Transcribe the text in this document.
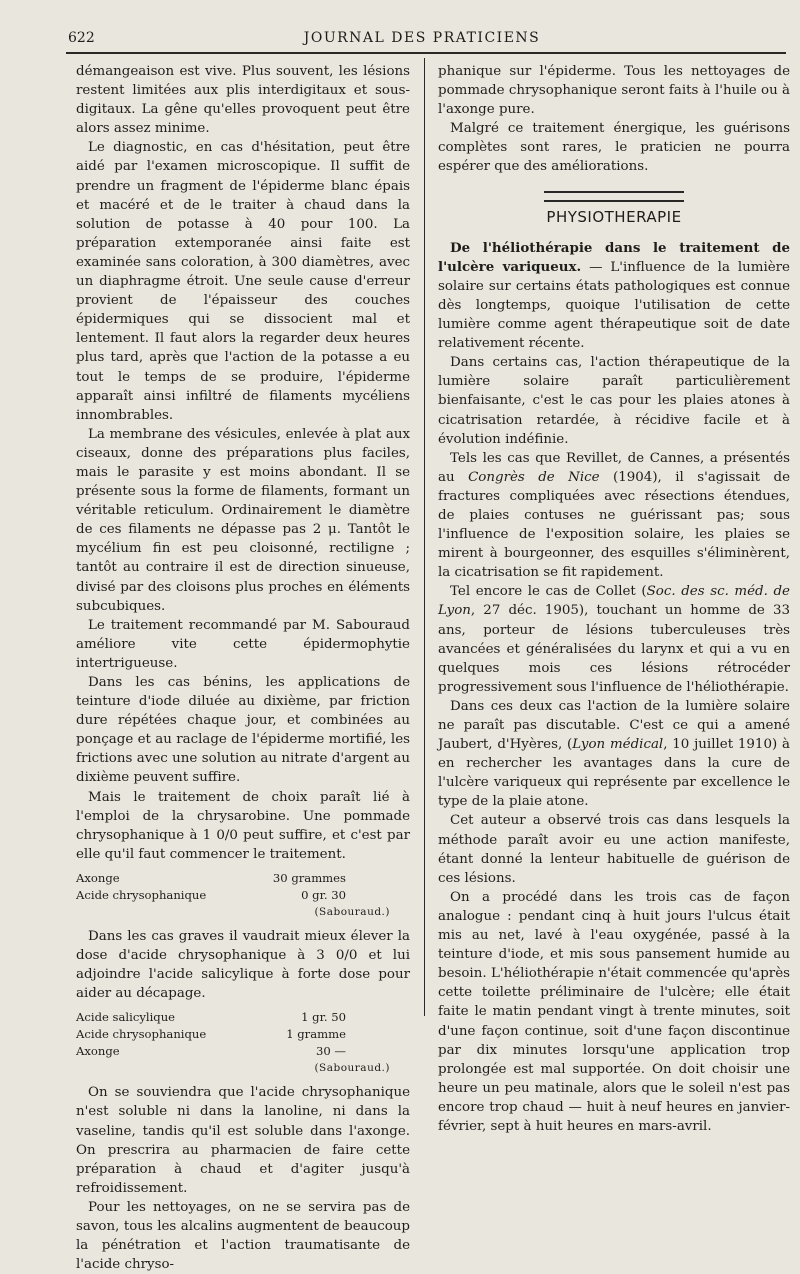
622	JOURNAL DES PRATICIENS

démangeaison est vive. Plus souvent, les lésions restent limitées aux plis interdigitaux et sous-digitaux. La gêne qu'elles provoquent peut être alors assez minime.

Le diagnostic, en cas d'hésitation, peut être aidé par l'examen microscopique. Il suffit de prendre un fragment de l'épiderme blanc épais et macéré et de le traiter à chaud dans la solution de potasse à 40 pour 100. La préparation extemporanée ainsi faite est examinée sans coloration, à 300 diamètres, avec un diaphragme étroit. Une seule cause d'erreur provient de l'épaisseur des couches épidermiques qui se dissocient mal et lentement. Il faut alors la regarder deux heures plus tard, après que l'action de la potasse a eu tout le temps de se produire, l'épiderme apparaît ainsi infiltré de filaments mycéliens innombrables.

La membrane des vésicules, enlevée à plat aux ciseaux, donne des préparations plus faciles, mais le parasite y est moins abondant. Il se présente sous la forme de filaments, formant un véritable reticulum. Ordinairement le diamètre de ces filaments ne dépasse pas 2 μ. Tantôt le mycélium fin est peu cloisonné, rectiligne ; tantôt au contraire il est de direction sinueuse, divisé par des cloisons plus proches en éléments subcubiques.

Le traitement recommandé par M. Sabouraud améliore vite cette épidermophytie intertrigueuse.

Dans les cas bénins, les applications de teinture d'iode diluée au dixième, par friction dure répétées chaque jour, et combinées au ponçage et au raclage de l'épiderme mortifié, les frictions avec une solution au nitrate d'argent au dixième peuvent suffire.

Mais le traitement de choix paraît lié à l'emploi de la chrysarobine. Une pommade chrysophanique à 1 0/0 peut suffire, et c'est par elle qu'il faut commencer le traitement.

Axonge	30 grammes
Acide chrysophanique	0 gr. 30
(Sabouraud.)

Dans les cas graves il vaudrait mieux élever la dose d'acide chrysophanique à 3 0/0 et lui adjoindre l'acide salicylique à forte dose pour aider au décapage.

Acide salicylique	1 gr. 50
Acide chrysophanique	1 gramme
Axonge	30 —
(Sabouraud.)

On se souviendra que l'acide chrysophanique n'est soluble ni dans la lanoline, ni dans la vaseline, tandis qu'il est soluble dans l'axonge. On prescrira au pharmacien de faire cette préparation à chaud et d'agiter jusqu'à refroidissement.

Pour les nettoyages, on ne se servira pas de savon, tous les alcalins augmentent de beaucoup la pénétration et l'action traumatisante de l'acide chryso-

phanique sur l'épiderme. Tous les nettoyages de pommade chrysophanique seront faits à l'huile ou à l'axonge pure.

Malgré ce traitement énergique, les guérisons complètes sont rares, le praticien ne pourra espérer que des améliorations.

PHYSIOTHERAPIE

De l'héliothérapie dans le traitement de l'ulcère variqueux. — L'influence de la lumière solaire sur certains états pathologiques est connue dès longtemps, quoique l'utilisation de cette lumière comme agent thérapeutique soit de date relativement récente.

Dans certains cas, l'action thérapeutique de la lumière solaire paraît particulièrement bienfaisante, c'est le cas pour les plaies atones à cicatrisation retardée, à récidive facile et à évolution indéfinie.

Tels les cas que Revillet, de Cannes, a présentés au Congrès de Nice (1904), il s'agissait de fractures compliquées avec résections étendues, de plaies contuses ne guérissant pas; sous l'influence de l'exposition solaire, les plaies se mirent à bourgeonner, des esquilles s'éliminèrent, la cicatrisation se fit rapidement.

Tel encore le cas de Collet (Soc. des sc. méd. de Lyon, 27 déc. 1905), touchant un homme de 33 ans, porteur de lésions tuberculeuses très avancées et généralisées du larynx et qui a vu en quelques mois ces lésions rétrocéder progressivement sous l'influence de l'héliothérapie.

Dans ces deux cas l'action de la lumière solaire ne paraît pas discutable. C'est ce qui a amené Jaubert, d'Hyères, (Lyon médical, 10 juillet 1910) à en rechercher les avantages dans la cure de l'ulcère variqueux qui représente par excellence le type de la plaie atone.

Cet auteur a observé trois cas dans lesquels la méthode paraît avoir eu une action manifeste, étant donné la lenteur habituelle de guérison de ces lésions.

On a procédé dans les trois cas de façon analogue : pendant cinq à huit jours l'ulcus était mis au net, lavé à l'eau oxygénée, passé à la teinture d'iode, et mis sous pansement humide au besoin. L'héliothérapie n'était commencée qu'après cette toilette préliminaire de l'ulcère; elle était faite le matin pendant vingt à trente minutes, soit d'une façon continue, soit d'une façon discontinue par dix minutes lorsqu'une application trop prolongée est mal supportée. On doit choisir une heure un peu matinale, alors que le soleil n'est pas encore trop chaud — huit à neuf heures en janvier-février, sept à huit heures en mars-avril.
